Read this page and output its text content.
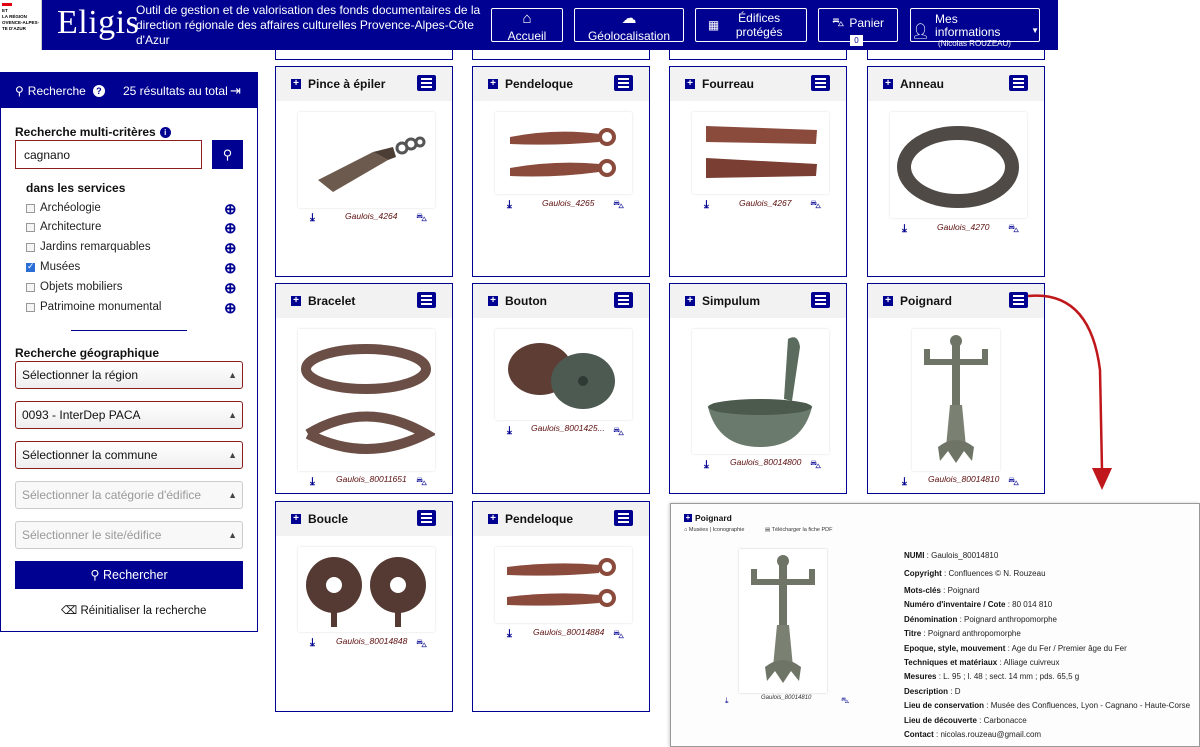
ET
LA RÉGION
OVENCE-ALPES-
TE D'AZUR Eligis
Outil de gestion et de valorisation des fonds documentaires de la direction régionale des affaires culturelles Provence-Alpes-Côte d'Azur
⌂
Accueil
☁
Géolocalisation
▦	Édifices protégés
⛍ Panier
0
👤︎
Mes informations
(Nicolas ROUZEAU)
▼
⚲ Recherche	? 25 résultats au total ⇥
Recherche multi-critères i
cagnano
⚲
dans les services
Archéologie	⊕
Architecture	⊕
Jardins remarquables	⊕
✓
Musées	⊕
Objets mobiliers	⊕
Patrimoine monumental	⊕
Recherche géographique
Sélectionner la région	▲

0093 - InterDep PACA	▲
Sélectionner la commune	▲
Sélectionner la catégorie d'édifice	▲
Sélectionner le site/édifice	▲
⚲ Rechercher
⌫ Réinitialiser la recherche
+ Pince à épiler
⤓	Gaulois_4264 ⛍
+ Pendeloque
⤓	Gaulois_4265 ⛍
+ Fourreau
⤓	Gaulois_4267 ⛍
+ Anneau
⤓	Gaulois_4270 ⛍
+ Bracelet
⤓ Gaulois_80011651 ⛍
+ Bouton
⤓ Gaulois_8001425... ⛍
+ Simpulum
⤓ Gaulois_80014800 ⛍
+ Poignard
⤓ Gaulois_80014810 ⛍
+ Boucle
⤓ Gaulois_80014848 ⛍
+ Pendeloque
⤓ Gaulois_80014884 ⛍
+ Poignard
⌂ Musées | Iconographie	▤ Télécharger la fiche PDF
Gaulois_80014810
⤓	⛍
NUMI : Gaulois_80014810
Copyright : Confluences © N. Rouzeau
Mots-clés : Poignard
Numéro d'inventaire / Cote : 80 014 810
Dénomination : Poignard anthropomorphe
Titre : Poignard anthropomorphe
Epoque, style, mouvement : Age du Fer / Premier âge du Fer
Techniques et matériaux : Alliage cuivreux
Mesures : L. 95 ; l. 48 ; sect. 14 mm ; pds. 65,5 g
Description : D
Lieu de conservation : Musée des Confluences, Lyon - Cagnano - Haute-Corse
Lieu de découverte : Carbonacce
Contact : nicolas.rouzeau@gmail.com
